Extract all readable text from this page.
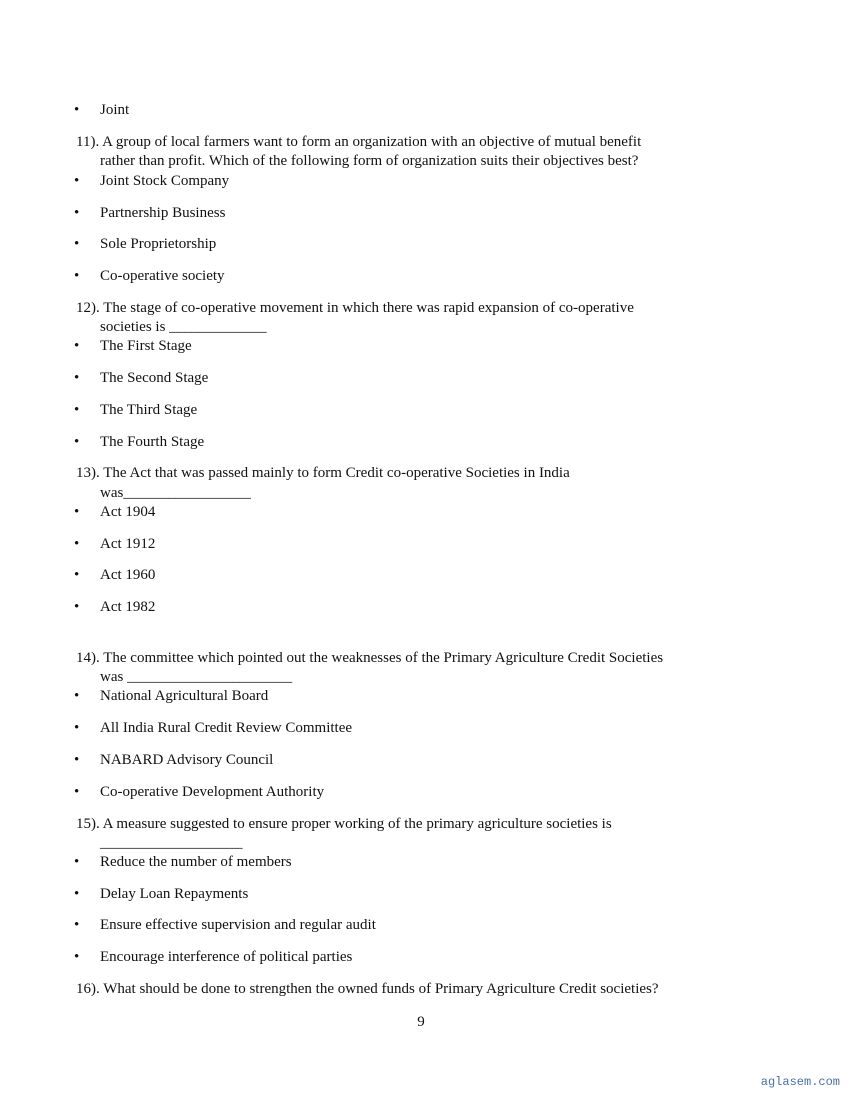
• Joint
11). A group of local farmers want to form an organization with an objective of mutual benefit
rather than profit. Which of the following form of organization suits their objectives best?
• Joint Stock Company
• Partnership Business
• Sole Proprietorship
• Co-operative society
12). The stage of co-operative movement in which there was rapid expansion of co-operative
societies is _____________
• The First Stage
• The Second Stage
• The Third Stage
• The Fourth Stage
13). The Act that was passed mainly to form Credit co-operative Societies in India
was_________________
• Act 1904
• Act 1912
• Act 1960
• Act 1982
14). The committee which pointed out the weaknesses of the Primary Agriculture Credit Societies
was ______________________
• National Agricultural Board
• All India Rural Credit Review Committee
• NABARD Advisory Council
• Co-operative Development Authority
15). A measure suggested to ensure proper working of the primary agriculture societies is
___________________
• Reduce the number of members
• Delay Loan Repayments
• Ensure effective supervision and regular audit
• Encourage interference of political parties
16). What should be done to strengthen the owned funds of Primary Agriculture Credit societies?
9
aglasem.com
